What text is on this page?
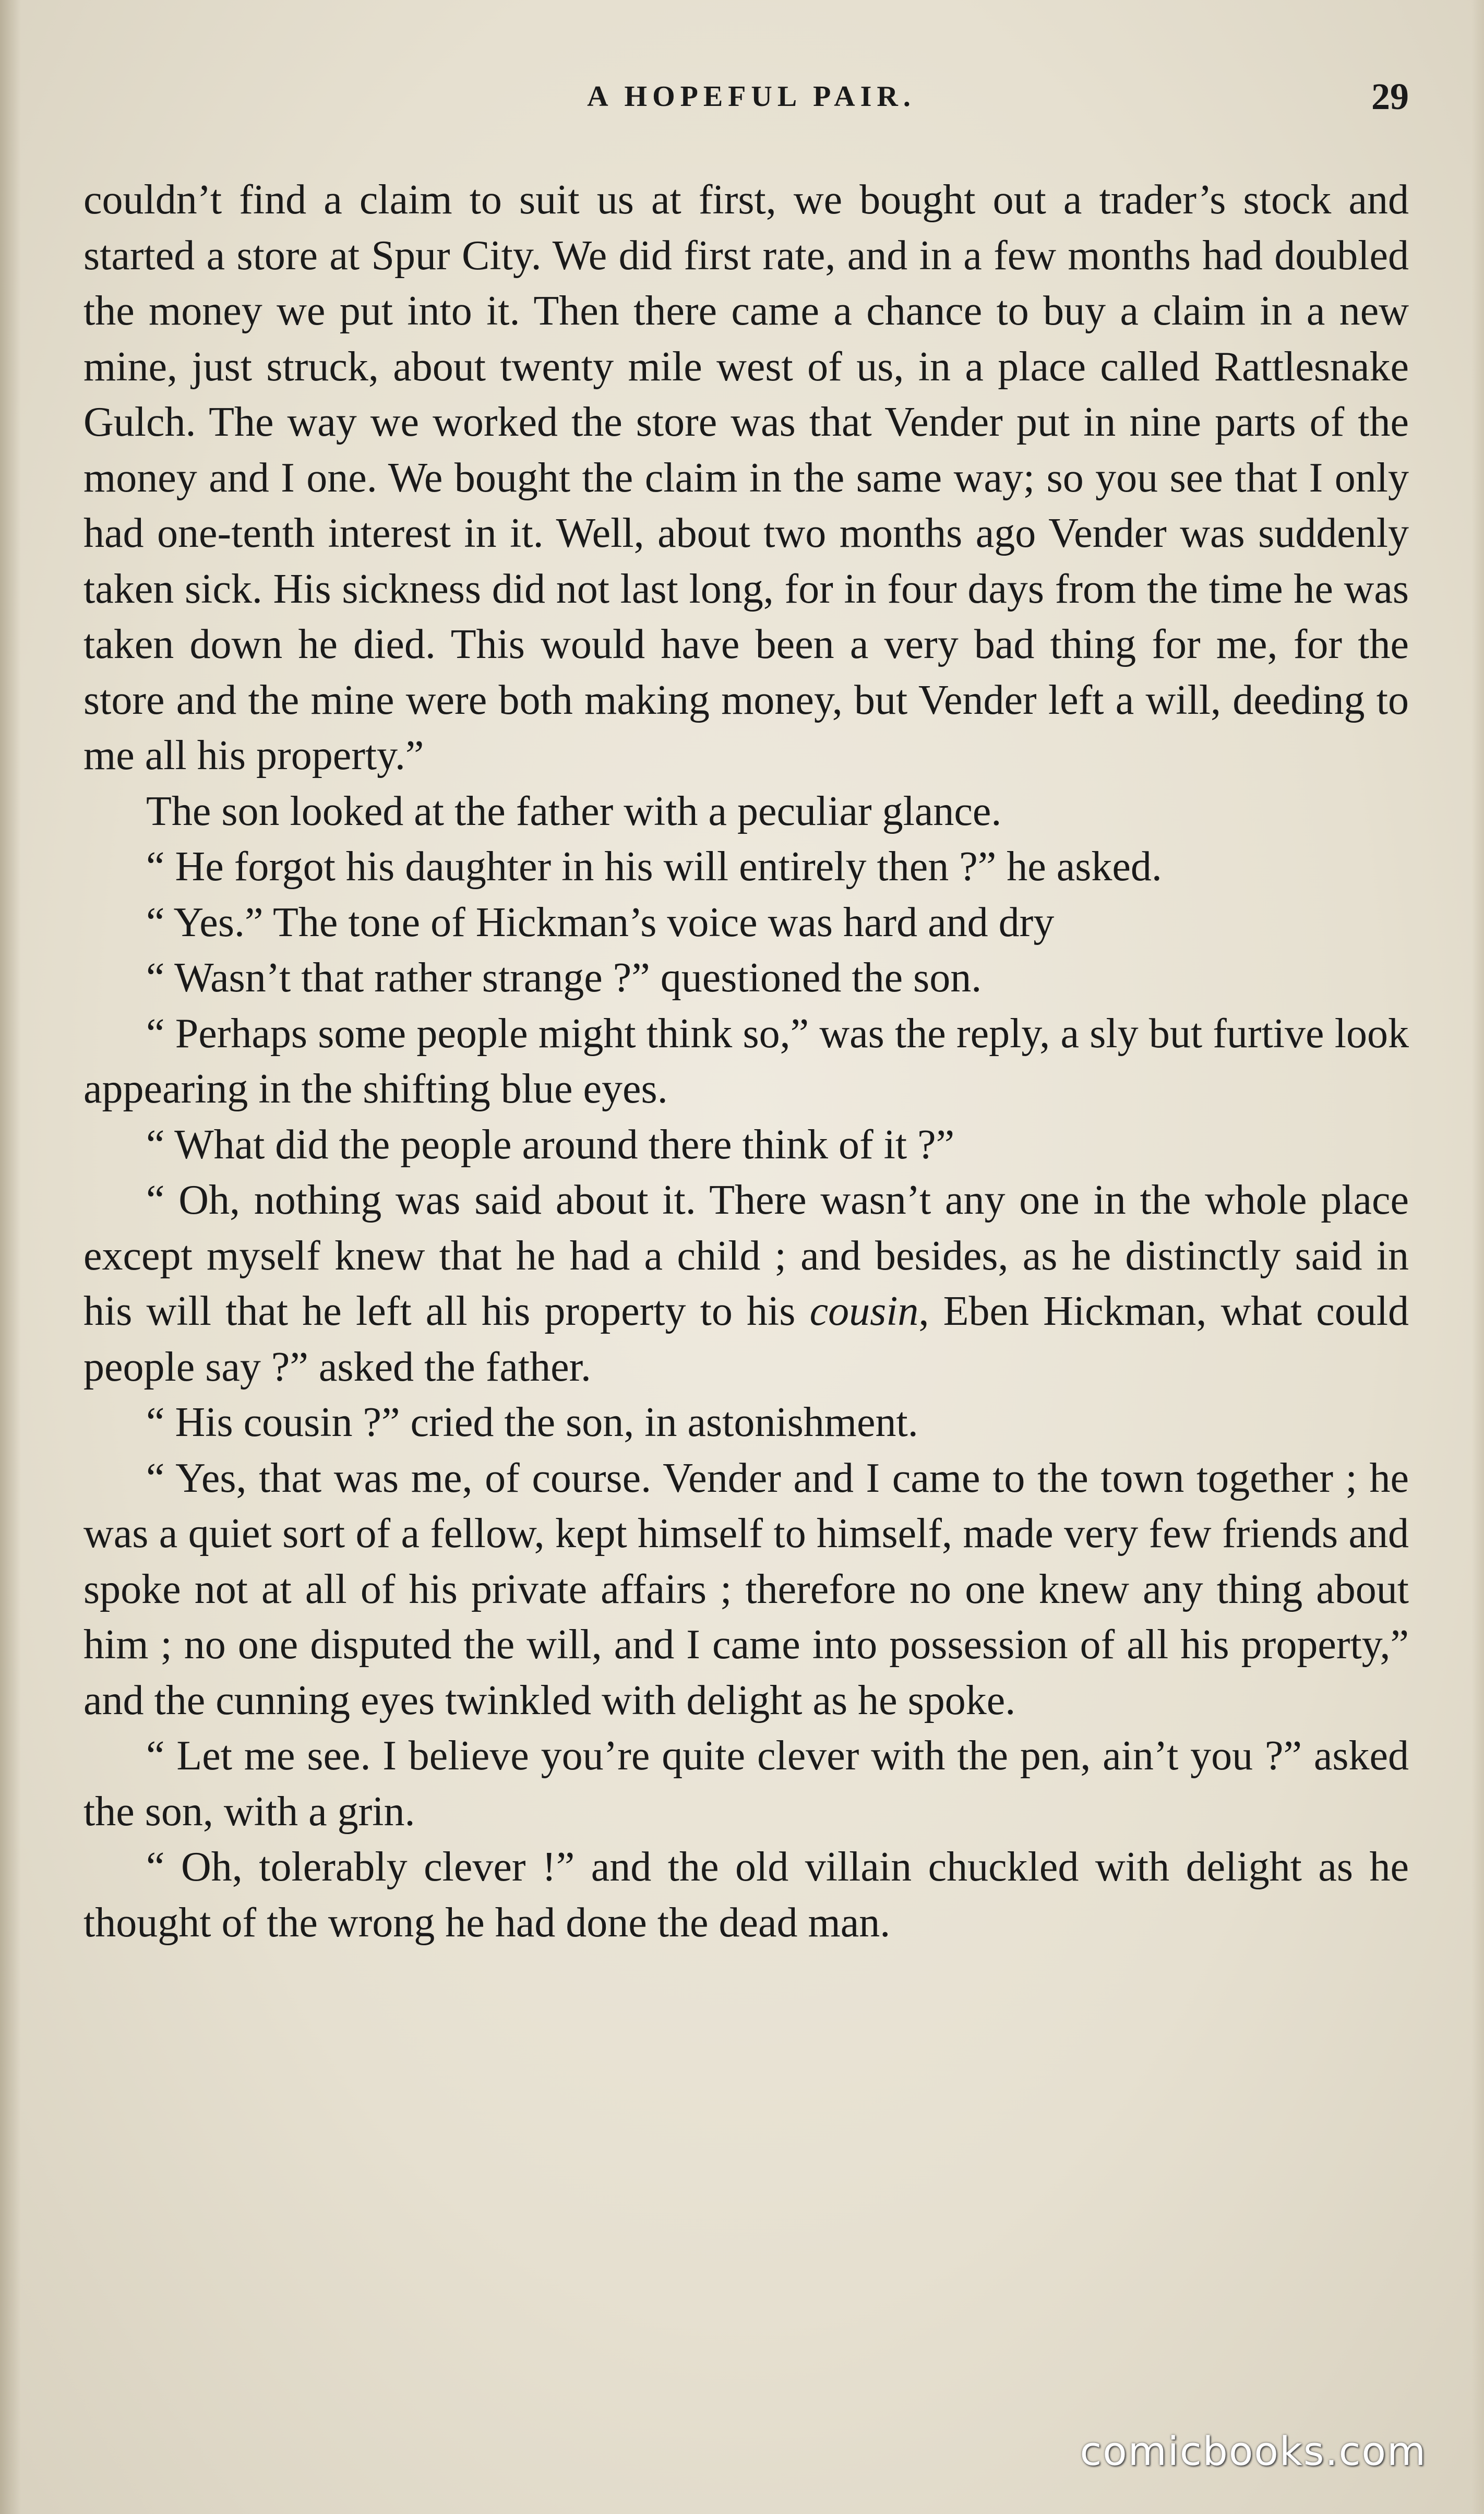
A HOPEFUL PAIR.	29

couldn’t find a claim to suit us at first, we bought out a trader’s stock and started a store at Spur City. We did first rate, and in a few months had doubled the money we put into it. Then there came a chance to buy a claim in a new mine, just struck, about twenty mile west of us, in a place called Rattlesnake Gulch. The way we worked the store was that Vender put in nine parts of the money and I one. We bought the claim in the same way; so you see that I only had one-tenth interest in it. Well, about two months ago Vender was suddenly taken sick. His sickness did not last long, for in four days from the time he was taken down he died. This would have been a very bad thing for me, for the store and the mine were both making money, but Vender left a will, deeding to me all his property.”

The son looked at the father with a peculiar glance.

“ He forgot his daughter in his will entirely then ?” he asked.

“ Yes.” The tone of Hickman’s voice was hard and dry

“ Wasn’t that rather strange ?” questioned the son.

“ Perhaps some people might think so,” was the reply, a sly but furtive look appearing in the shifting blue eyes.

“ What did the people around there think of it ?”

“ Oh, nothing was said about it. There wasn’t any one in the whole place except myself knew that he had a child ; and besides, as he distinctly said in his will that he left all his property to his cousin, Eben Hickman, what could people say ?” asked the father.

“ His cousin ?” cried the son, in astonishment.

“ Yes, that was me, of course. Vender and I came to the town together ; he was a quiet sort of a fellow, kept himself to himself, made very few friends and spoke not at all of his private affairs ; therefore no one knew any thing about him ; no one disputed the will, and I came into possession of all his property,” and the cunning eyes twinkled with delight as he spoke.

“ Let me see. I believe you’re quite clever with the pen, ain’t you ?” asked the son, with a grin.

“ Oh, tolerably clever !” and the old villain chuckled with delight as he thought of the wrong he had done the dead man.

comicbooks.com
